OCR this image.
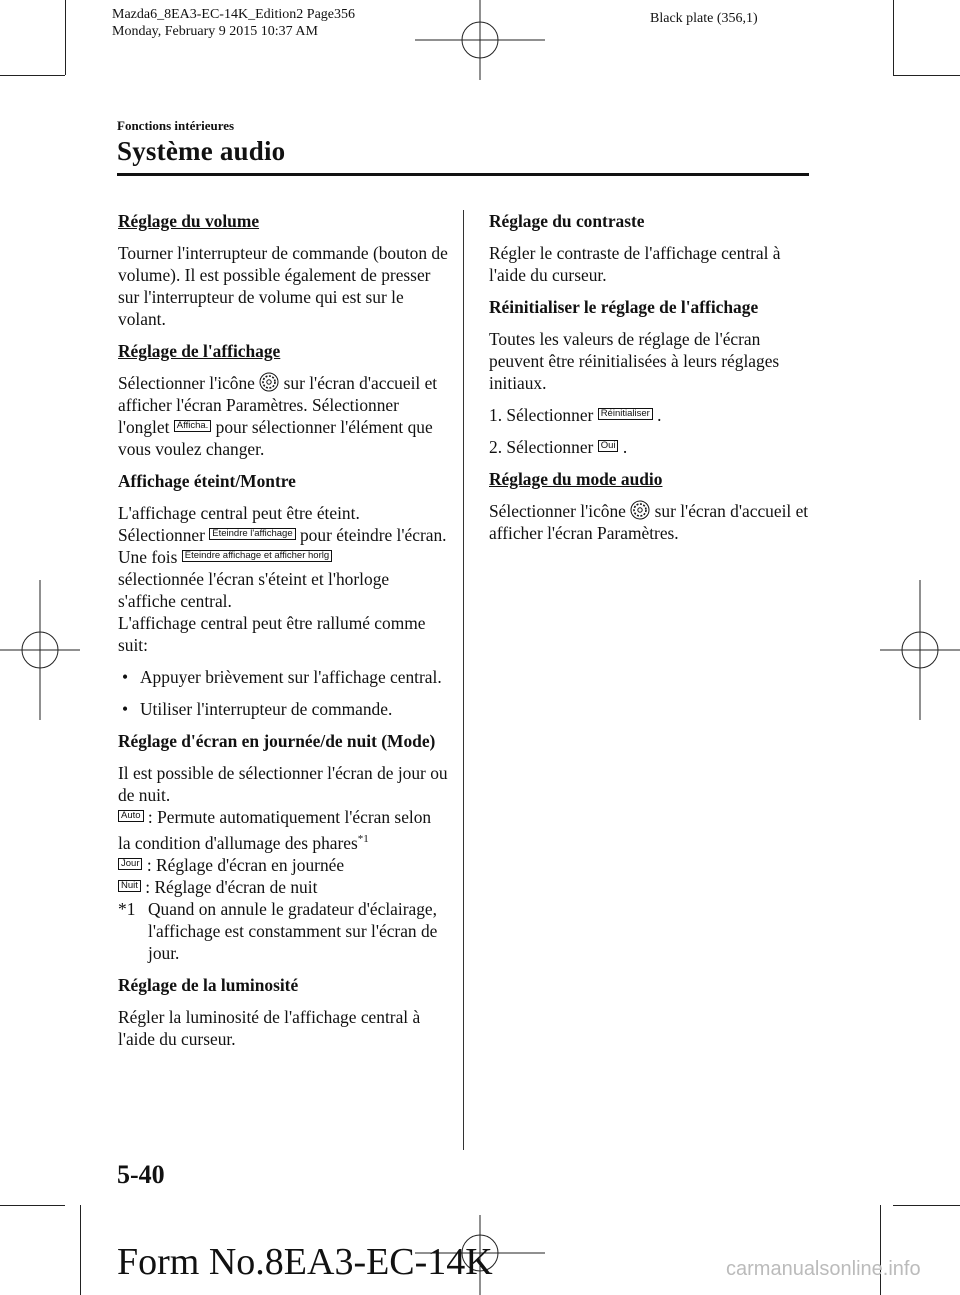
Mazda6_8EA3-EC-14K_Edition2 Page356
Monday, February 9 2015 10:37 AM
Black plate (356,1)
Fonctions intérieures
Système audio

Réglage du volume

Tourner l'interrupteur de commande (bouton de volume). Il est possible également de presser sur l'interrupteur de volume qui est sur le volant.

Réglage de l'affichage

Sélectionner l'icône  sur l'écran d'accueil et afficher l'écran Paramètres. Sélectionner l'onglet Afficha. pour sélectionner l'élément que vous voulez changer.

Affichage éteint/Montre

L'affichage central peut être éteint.
Sélectionner Éteindre l'affichage pour éteindre l'écran.
Une fois Éteindre affichage et afficher horlg
sélectionnée l'écran s'éteint et l'horloge s'affiche central.
L'affichage central peut être rallumé comme suit:

• Appuyer brièvement sur l'affichage central.

• Utiliser l'interrupteur de commande.

Réglage d'écran en journée/de nuit (Mode)

Il est possible de sélectionner l'écran de jour ou de nuit.

Auto : Permute automatiquement l'écran selon la condition d'allumage des phares$^{*1}$

Jour : Réglage d'écran en journée

Nuit : Réglage d'écran de nuit

*1 Quand on annule le gradateur d'éclairage, l'affichage est constamment sur l'écran de jour.

Réglage de la luminosité

Régler la luminosité de l'affichage central à l'aide du curseur.

Réglage du contraste

Régler le contraste de l'affichage central à l'aide du curseur.

Réinitialiser le réglage de l'affichage

Toutes les valeurs de réglage de l'écran peuvent être réinitialisées à leurs réglages initiaux.

1. Sélectionner Réinitialiser .

2. Sélectionner Oui .

Réglage du mode audio

Sélectionner l'icône  sur l'écran d'accueil et afficher l'écran Paramètres.

5-40
Form No.8EA3-EC-14K	carmanualsonline.info
